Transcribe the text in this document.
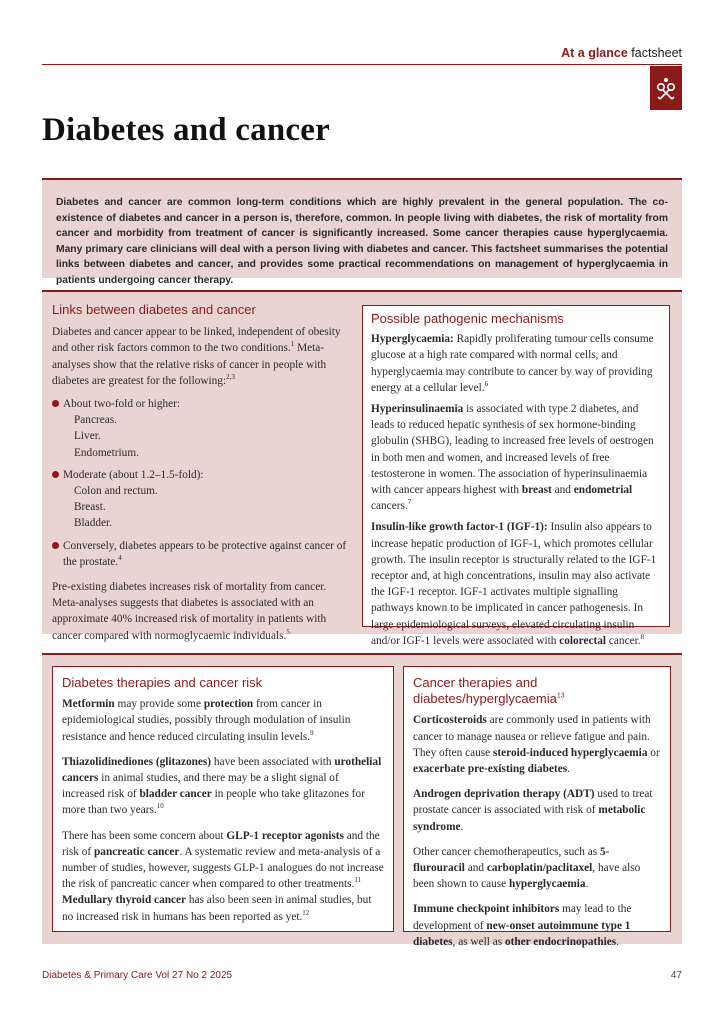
At a glance factsheet
Diabetes and cancer
Diabetes and cancer are common long-term conditions which are highly prevalent in the general population. The co-existence of diabetes and cancer in a person is, therefore, common. In people living with diabetes, the risk of mortality from cancer and morbidity from treatment of cancer is significantly increased. Some cancer therapies cause hyperglycaemia. Many primary care clinicians will deal with a person living with diabetes and cancer. This factsheet summarises the potential links between diabetes and cancer, and provides some practical recommendations on management of hyperglycaemia in patients undergoing cancer therapy.
Links between diabetes and cancer

Diabetes and cancer appear to be linked, independent of obesity and other risk factors common to the two conditions.$^1$ Meta-analyses show that the relative risks of cancer in people with diabetes are greatest for the following:$^{2,3}$

About two-fold or higher:
Pancreas.
Liver.
Endometrium.
Moderate (about 1.2–1.5-fold):
Colon and rectum.
Breast.
Bladder.
Conversely, diabetes appears to be protective against cancer of the prostate.$^4$

Pre-existing diabetes increases risk of mortality from cancer. Meta-analyses suggests that diabetes is associated with an approximate 40% increased risk of mortality in patients with cancer compared with normoglycaemic individuals.$^5$

Possible pathogenic mechanisms

Hyperglycaemia: Rapidly proliferating tumour cells consume glucose at a high rate compared with normal cells, and hyperglycaemia may contribute to cancer by way of providing energy at a cellular level.$^6$

Hyperinsulinaemia is associated with type 2 diabetes, and leads to reduced hepatic synthesis of sex hormone-binding globulin (SHBG), leading to increased free levels of oestrogen in both men and women, and increased levels of free testosterone in women. The association of hyperinsulinaemia with cancer appears highest with breast and endometrial cancers.$^7$

Insulin-like growth factor-1 (IGF-1): Insulin also appears to increase hepatic production of IGF-1, which promotes cellular growth. The insulin receptor is structurally related to the IGF-1 receptor and, at high concentrations, insulin may also activate the IGF-1 receptor. IGF-1 activates multiple signalling pathways known to be implicated in cancer pathogenesis. In large epidemiological surveys, elevated circulating insulin and/or IGF-1 levels were associated with colorectal cancer.$^8$

Diabetes therapies and cancer risk

Metformin may provide some protection from cancer in epidemiological studies, possibly through modulation of insulin resistance and hence reduced circulating insulin levels.$^9$

Thiazolidinediones (glitazones) have been associated with urothelial cancers in animal studies, and there may be a slight signal of increased risk of bladder cancer in people who take glitazones for more than two years.$^{10}$

There has been some concern about GLP-1 receptor agonists and the risk of pancreatic cancer. A systematic review and meta-analysis of a number of studies, however, suggests GLP-1 analogues do not increase the risk of pancreatic cancer when compared to other treatments.$^{11}$ Medullary thyroid cancer has also been seen in animal studies, but no increased risk in humans has been reported as yet.$^{12}$

Cancer therapies and diabetes/hyperglycaemia$^{13}$

Corticosteroids are commonly used in patients with cancer to manage nausea or relieve fatigue and pain. They often cause steroid-induced hyperglycaemia or exacerbate pre-existing diabetes.

Androgen deprivation therapy (ADT) used to treat prostate cancer is associated with risk of metabolic syndrome.

Other cancer chemotherapeutics, such as 5-flurouracil and carboplatin/paclitaxel, have also been shown to cause hyperglycaemia.

Immune checkpoint inhibitors may lead to the development of new-onset autoimmune type 1 diabetes, as well as other endocrinopathies.

Diabetes & Primary Care Vol 27 No 2 2025	47
